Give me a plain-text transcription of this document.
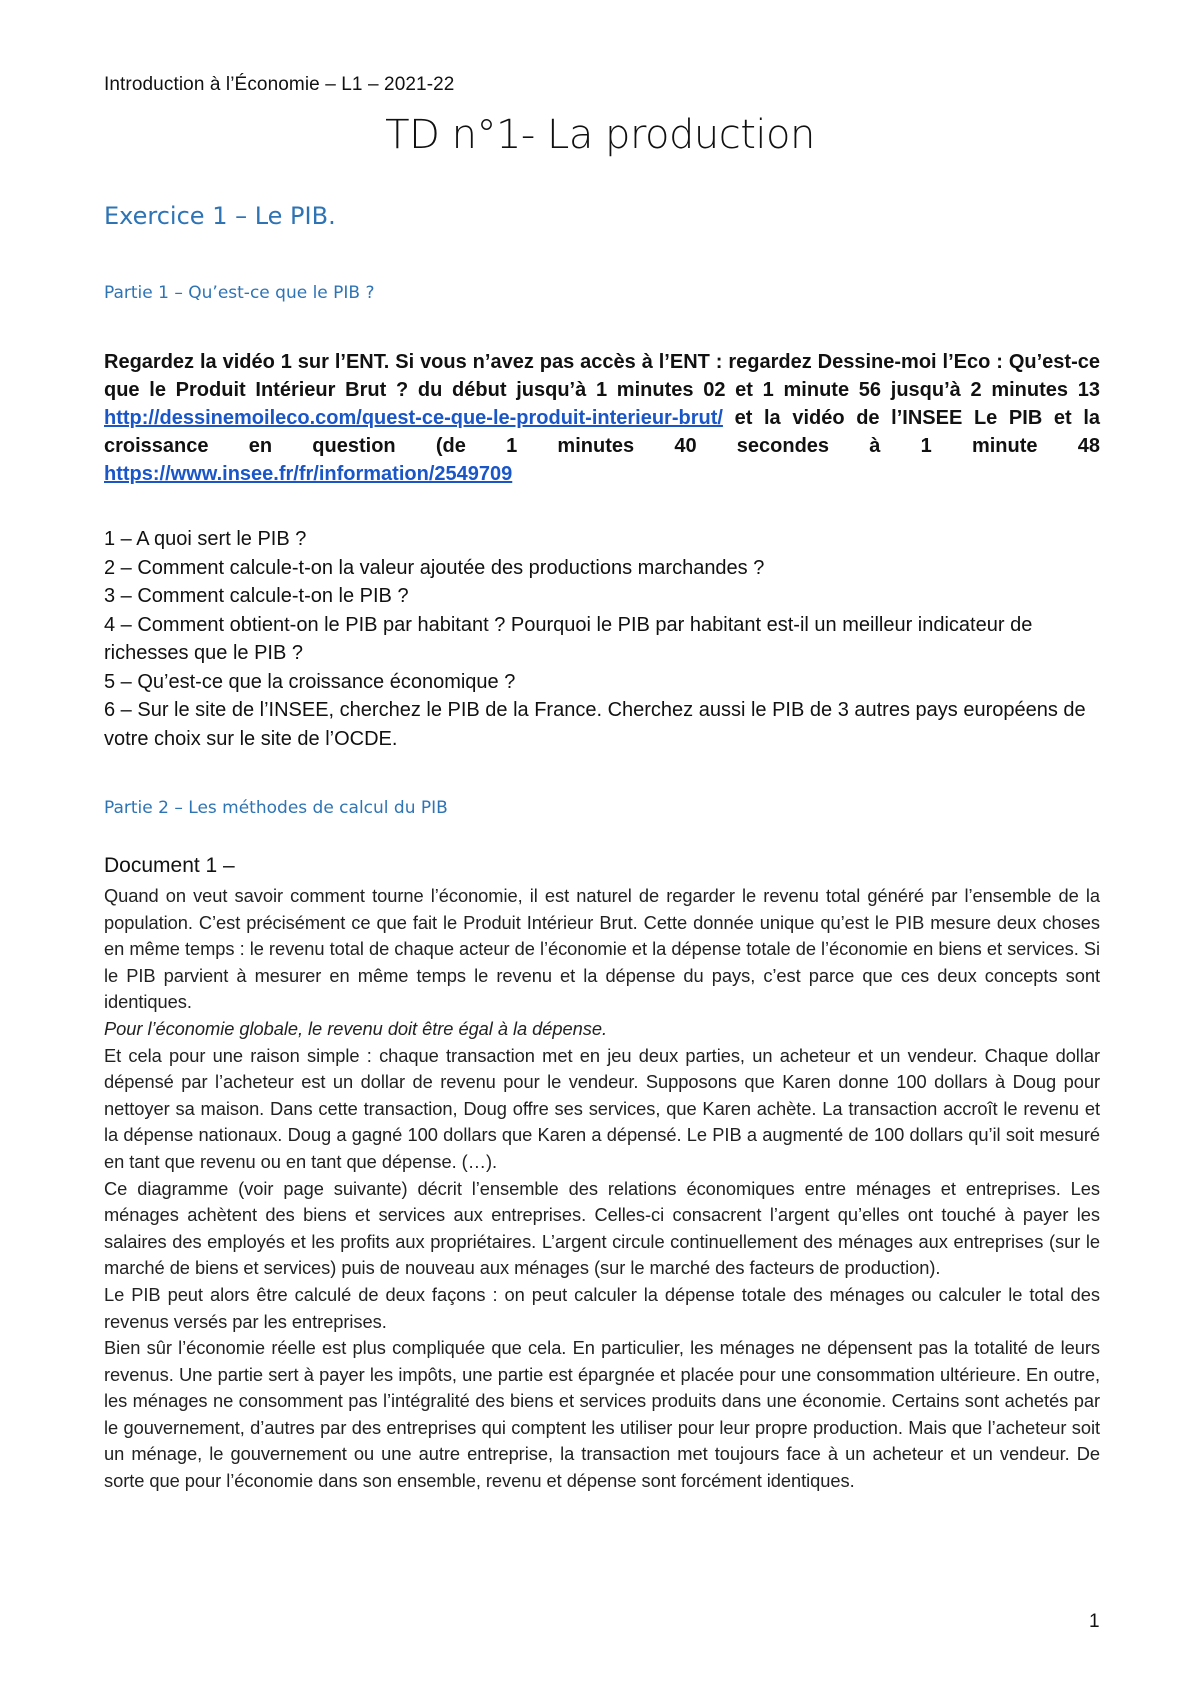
Introduction à l’Économie – L1 – 2021-22
TD n°1- La production
Exercice 1 – Le PIB.
Partie 1 – Qu’est-ce que le PIB ?
Regardez la vidéo 1 sur l’ENT. Si vous n’avez pas accès à l’ENT : regardez Dessine-moi l’Eco : Qu’est-ce que le Produit Intérieur Brut ? du début jusqu’à 1 minutes 02 et 1 minute 56 jusqu’à 2 minutes 13 http://dessinemoileco.com/quest-ce-que-le-produit-interieur-brut/ et la vidéo de l’INSEE Le PIB et la croissance en question (de 1 minutes 40 secondes à 1 minute 48 https://www.insee.fr/fr/information/2549709
1 – A quoi sert le PIB ?
2 – Comment calcule-t-on la valeur ajoutée des productions marchandes ?
3 – Comment calcule-t-on le PIB ?
4 – Comment obtient-on le PIB par habitant ? Pourquoi le PIB par habitant est-il un meilleur indicateur de richesses que le PIB ?
5 – Qu’est-ce que la croissance économique ?
6 – Sur le site de l’INSEE, cherchez le PIB de la France. Cherchez aussi le PIB de 3 autres pays européens de votre choix sur le site de l’OCDE.
Partie 2 – Les méthodes de calcul du PIB
Document 1 –

Quand on veut savoir comment tourne l’économie, il est naturel de regarder le revenu total généré par l’ensemble de la population. C’est précisément ce que fait le Produit Intérieur Brut. Cette donnée unique qu’est le PIB mesure deux choses en même temps : le revenu total de chaque acteur de l’économie et la dépense totale de l’économie en biens et services. Si le PIB parvient à mesurer en même temps le revenu et la dépense du pays, c’est parce que ces deux concepts sont identiques.

Pour l’économie globale, le revenu doit être égal à la dépense.

Et cela pour une raison simple : chaque transaction met en jeu deux parties, un acheteur et un vendeur. Chaque dollar dépensé par l’acheteur est un dollar de revenu pour le vendeur. Supposons que Karen donne 100 dollars à Doug pour nettoyer sa maison. Dans cette transaction, Doug offre ses services, que Karen achète. La transaction accroît le revenu et la dépense nationaux. Doug a gagné 100 dollars que Karen a dépensé. Le PIB a augmenté de 100 dollars qu’il soit mesuré en tant que revenu ou en tant que dépense. (…).

Ce diagramme (voir page suivante) décrit l’ensemble des relations économiques entre ménages et entreprises. Les ménages achètent des biens et services aux entreprises. Celles-ci consacrent l’argent qu’elles ont touché à payer les salaires des employés et les profits aux propriétaires. L’argent circule continuellement des ménages aux entreprises (sur le marché de biens et services) puis de nouveau aux ménages (sur le marché des facteurs de production).

Le PIB peut alors être calculé de deux façons : on peut calculer la dépense totale des ménages ou calculer le total des revenus versés par les entreprises.

Bien sûr l’économie réelle est plus compliquée que cela. En particulier, les ménages ne dépensent pas la totalité de leurs revenus. Une partie sert à payer les impôts, une partie est épargnée et placée pour une consommation ultérieure. En outre, les ménages ne consomment pas l’intégralité des biens et services produits dans une économie. Certains sont achetés par le gouvernement, d’autres par des entreprises qui comptent les utiliser pour leur propre production. Mais que l’acheteur soit un ménage, le gouvernement ou une autre entreprise, la transaction met toujours face à un acheteur et un vendeur. De sorte que pour l’économie dans son ensemble, revenu et dépense sont forcément identiques.

1
